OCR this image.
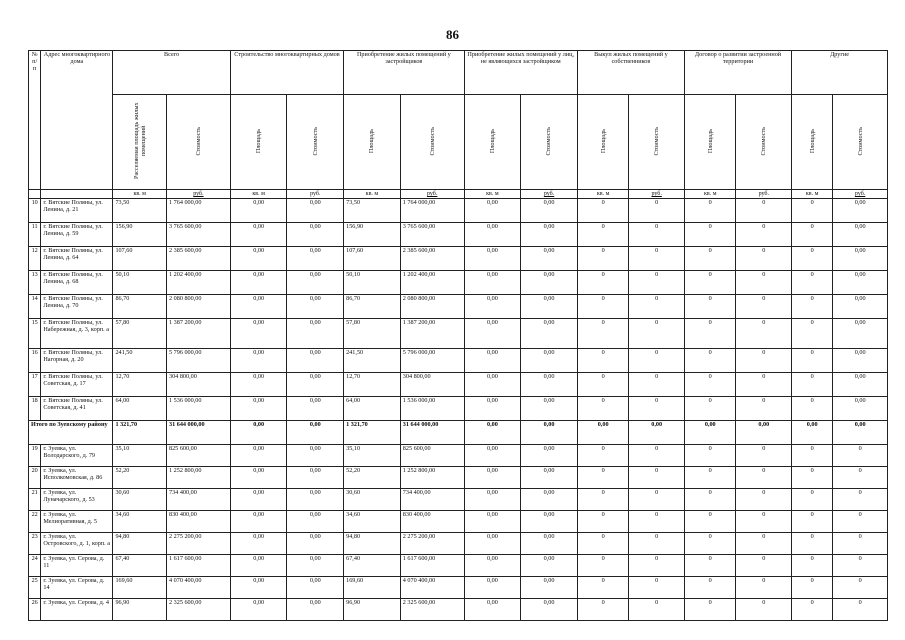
86
№ п/п	Адрес многоквартирного дома	Всего		Строительство многоквартирных домов		Приобретение жилых помещений у застройщиков		Приобретение жилых помещений у лиц, не являющихся застройщиком		Выкуп жилых помещений у собственников		Договор о развитии застроенной территории		Другие	
		Расселяемая площадь жилых помещений	Стоимость	Площадь	Стоимость	Площадь	Стоимость	Площадь	Стоимость	Площадь	Стоимость	Площадь	Стоимость	Площадь	Стоимость
		кв. м	руб.	кв. м	руб.	кв. м	руб.	кв. м	руб.	кв. м	руб.	кв. м	руб.	кв. м	руб.
10	г. Вятские Поляны, ул. Ленина, д. 21	73,50	1 764 000,00	0,00	0,00	73,50	1 764 000,00	0,00	0,00	0	0	0	0	0	0,00
11	г. Вятские Поляны, ул. Ленина, д. 59	156,90	3 765 600,00	0,00	0,00	156,90	3 765 600,00	0,00	0,00	0	0	0	0	0	0,00
12	г. Вятские Поляны, ул. Ленина, д. 64	107,60	2 385 600,00	0,00	0,00	107,60	2 385 600,00	0,00	0,00	0	0	0	0	0	0,00
13	г. Вятские Поляны, ул. Ленина, д. 68	50,10	1 202 400,00	0,00	0,00	50,10	1 202 400,00	0,00	0,00	0	0	0	0	0	0,00
14	г. Вятские Поляны, ул. Ленина, д. 70	86,70	2 080 800,00	0,00	0,00	86,70	2 080 800,00	0,00	0,00	0	0	0	0	0	0,00
15	г. Вятские Поляны, ул. Набережная, д. 3, корп. а	57,80	1 387 200,00	0,00	0,00	57,80	1 387 200,00	0,00	0,00	0	0	0	0	0	0,00
16	г. Вятские Поляны, ул. Нагорная, д. 20	241,50	5 796 000,00	0,00	0,00	241,50	5 796 000,00	0,00	0,00	0	0	0	0	0	0,00
17	г. Вятские Поляны, ул. Советская, д. 17	12,70	304 800,00	0,00	0,00	12,70	304 800,00	0,00	0,00	0	0	0	0	0	0,00
18	г. Вятские Поляны, ул. Советская, д. 41	64,00	1 536 000,00	0,00	0,00	64,00	1 536 000,00	0,00	0,00	0	0	0	0	0	0,00
Итого по Зуевскому району		1 321,70	31 644 000,00	0,00	0,00	1 321,70	31 644 000,00	0,00	0,00	0,00	0,00	0,00	0,00	0,00	0,00
19	г. Зуевка, ул. Володарского, д. 79	35,10	825 600,00	0,00	0,00	35,10	825 600,00	0,00	0,00	0	0	0	0	0	0
20	г. Зуевка, ул. Исполкомовская, д. 86	52,20	1 252 800,00	0,00	0,00	52,20	1 252 800,00	0,00	0,00	0	0	0	0	0	0
21	г. Зуевка, ул. Луначарского, д. 53	30,60	734 400,00	0,00	0,00	30,60	734 400,00	0,00	0,00	0	0	0	0	0	0
22	г. Зуевка, ул. Мелиоративная, д. 5	34,60	830 400,00	0,00	0,00	34,60	830 400,00	0,00	0,00	0	0	0	0	0	0
23	г. Зуевка, ул. Островского, д. 1, корп. а	94,80	2 275 200,00	0,00	0,00	94,80	2 275 200,00	0,00	0,00	0	0	0	0	0	0
24	г. Зуевка, ул. Серова, д. 11	67,40	1 617 600,00	0,00	0,00	67,40	1 617 600,00	0,00	0,00	0	0	0	0	0	0
25	г. Зуевка, ул. Серова, д. 14	169,60	4 070 400,00	0,00	0,00	169,60	4 070 400,00	0,00	0,00	0	0	0	0	0	0
26	г. Зуевка, ул. Серова, д. 4	96,90	2 325 600,00	0,00	0,00	96,90	2 325 600,00	0,00	0,00	0	0	0	0	0	0
